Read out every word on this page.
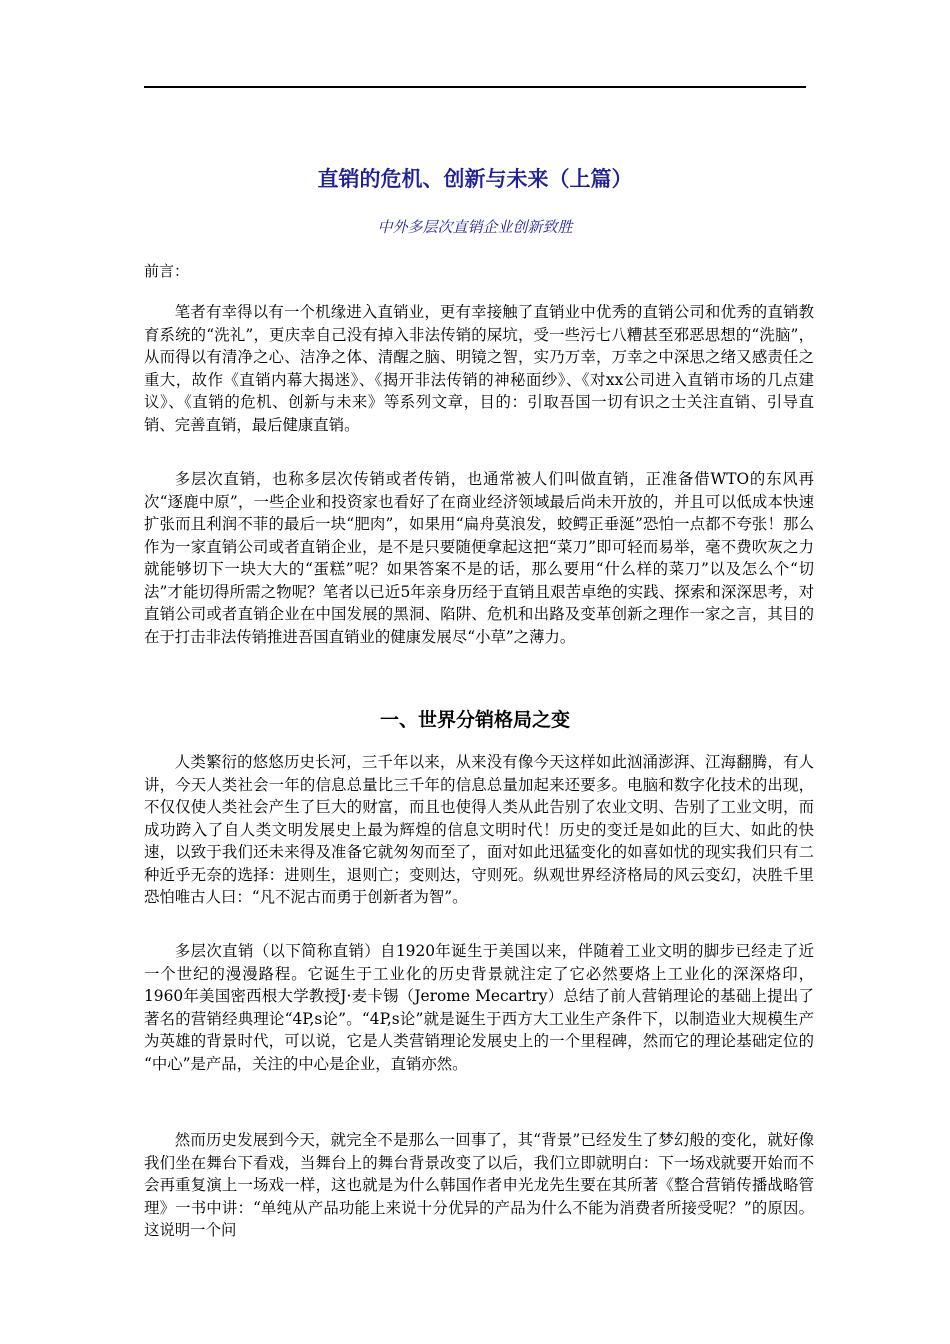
直销的危机、创新与未来（上篇）
中外多层次直销企业创新致胜
前言：

笔者有幸得以有一个机缘进入直销业，更有幸接触了直销业中优秀的直销公司和优秀的直销教育系统的“洗礼”，更庆幸自己没有掉入非法传销的屎坑，受一些污七八糟甚至邪恶思想的“洗脑”，从而得以有清净之心、洁净之体、清醒之脑、明镜之智，实乃万幸，万幸之中深思之绪又感责任之重大，故作《直销内幕大揭迷》、《揭开非法传销的神秘面纱》、《对xx公司进入直销市场的几点建议》、《直销的危机、创新与未来》等系列文章，目的：引取吾国一切有识之士关注直销、引导直销、完善直销，最后健康直销。

多层次直销，也称多层次传销或者传销，也通常被人们叫做直销，正准备借WTO的东风再次“逐鹿中原”，一些企业和投资家也看好了在商业经济领域最后尚未开放的，并且可以低成本快速扩张而且利润不菲的最后一块“肥肉”，如果用“扁舟莫浪发，蛟鳄正垂涎”恐怕一点都不夸张！那么作为一家直销公司或者直销企业，是不是只要随便拿起这把“菜刀”即可轻而易举，毫不费吹灰之力就能够切下一块大大的“蛋糕”呢？如果答案不是的话，那么要用“什么样的菜刀”以及怎么个“切法”才能切得所需之物呢？笔者以已近5年亲身历经于直销且艰苦卓绝的实践、探索和深深思考，对直销公司或者直销企业在中国发展的黑洞、陷阱、危机和出路及变革创新之理作一家之言，其目的在于打击非法传销推进吾国直销业的健康发展尽“小草”之薄力。

一、世界分销格局之变

人类繁衍的悠悠历史长河，三千年以来，从来没有像今天这样如此汹涌澎湃、江海翻腾，有人讲，今天人类社会一年的信息总量比三千年的信息总量加起来还要多。电脑和数字化技术的出现，不仅仅使人类社会产生了巨大的财富，而且也使得人类从此告别了农业文明、告别了工业文明，而成功跨入了自人类文明发展史上最为辉煌的信息文明时代！历史的变迁是如此的巨大、如此的快速，以致于我们还未来得及准备它就匆匆而至了，面对如此迅猛变化的如喜如忧的现实我们只有二种近乎无奈的选择：进则生，退则亡；变则达，守则死。纵观世界经济格局的风云变幻，决胜千里恐怕唯古人曰：“凡不泥古而勇于创新者为智”。

多层次直销（以下简称直销）自1920年诞生于美国以来，伴随着工业文明的脚步已经走了近一个世纪的漫漫路程。它诞生于工业化的历史背景就注定了它必然要烙上工业化的深深烙印，1960年美国密西根大学教授J·麦卡锡（Jerome Mecartry）总结了前人营销理论的基础上提出了著名的营销经典理论“4P,s论”。“4P,s论”就是诞生于西方大工业生产条件下，以制造业大规模生产为英雄的背景时代，可以说，它是人类营销理论发展史上的一个里程碑，然而它的理论基础定位的 “中心”是产品，关注的中心是企业，直销亦然。

然而历史发展到今天，就完全不是那么一回事了，其“背景”已经发生了梦幻般的变化，就好像我们坐在舞台下看戏，当舞台上的舞台背景改变了以后，我们立即就明白：下一场戏就要开始而不会再重复演上一场戏一样，这也就是为什么韩国作者申光龙先生要在其所著《整合营销传播战略管理》一书中讲：“单纯从产品功能上来说十分优异的产品为什么不能为消费者所接受呢？”的原因。这说明一个问
